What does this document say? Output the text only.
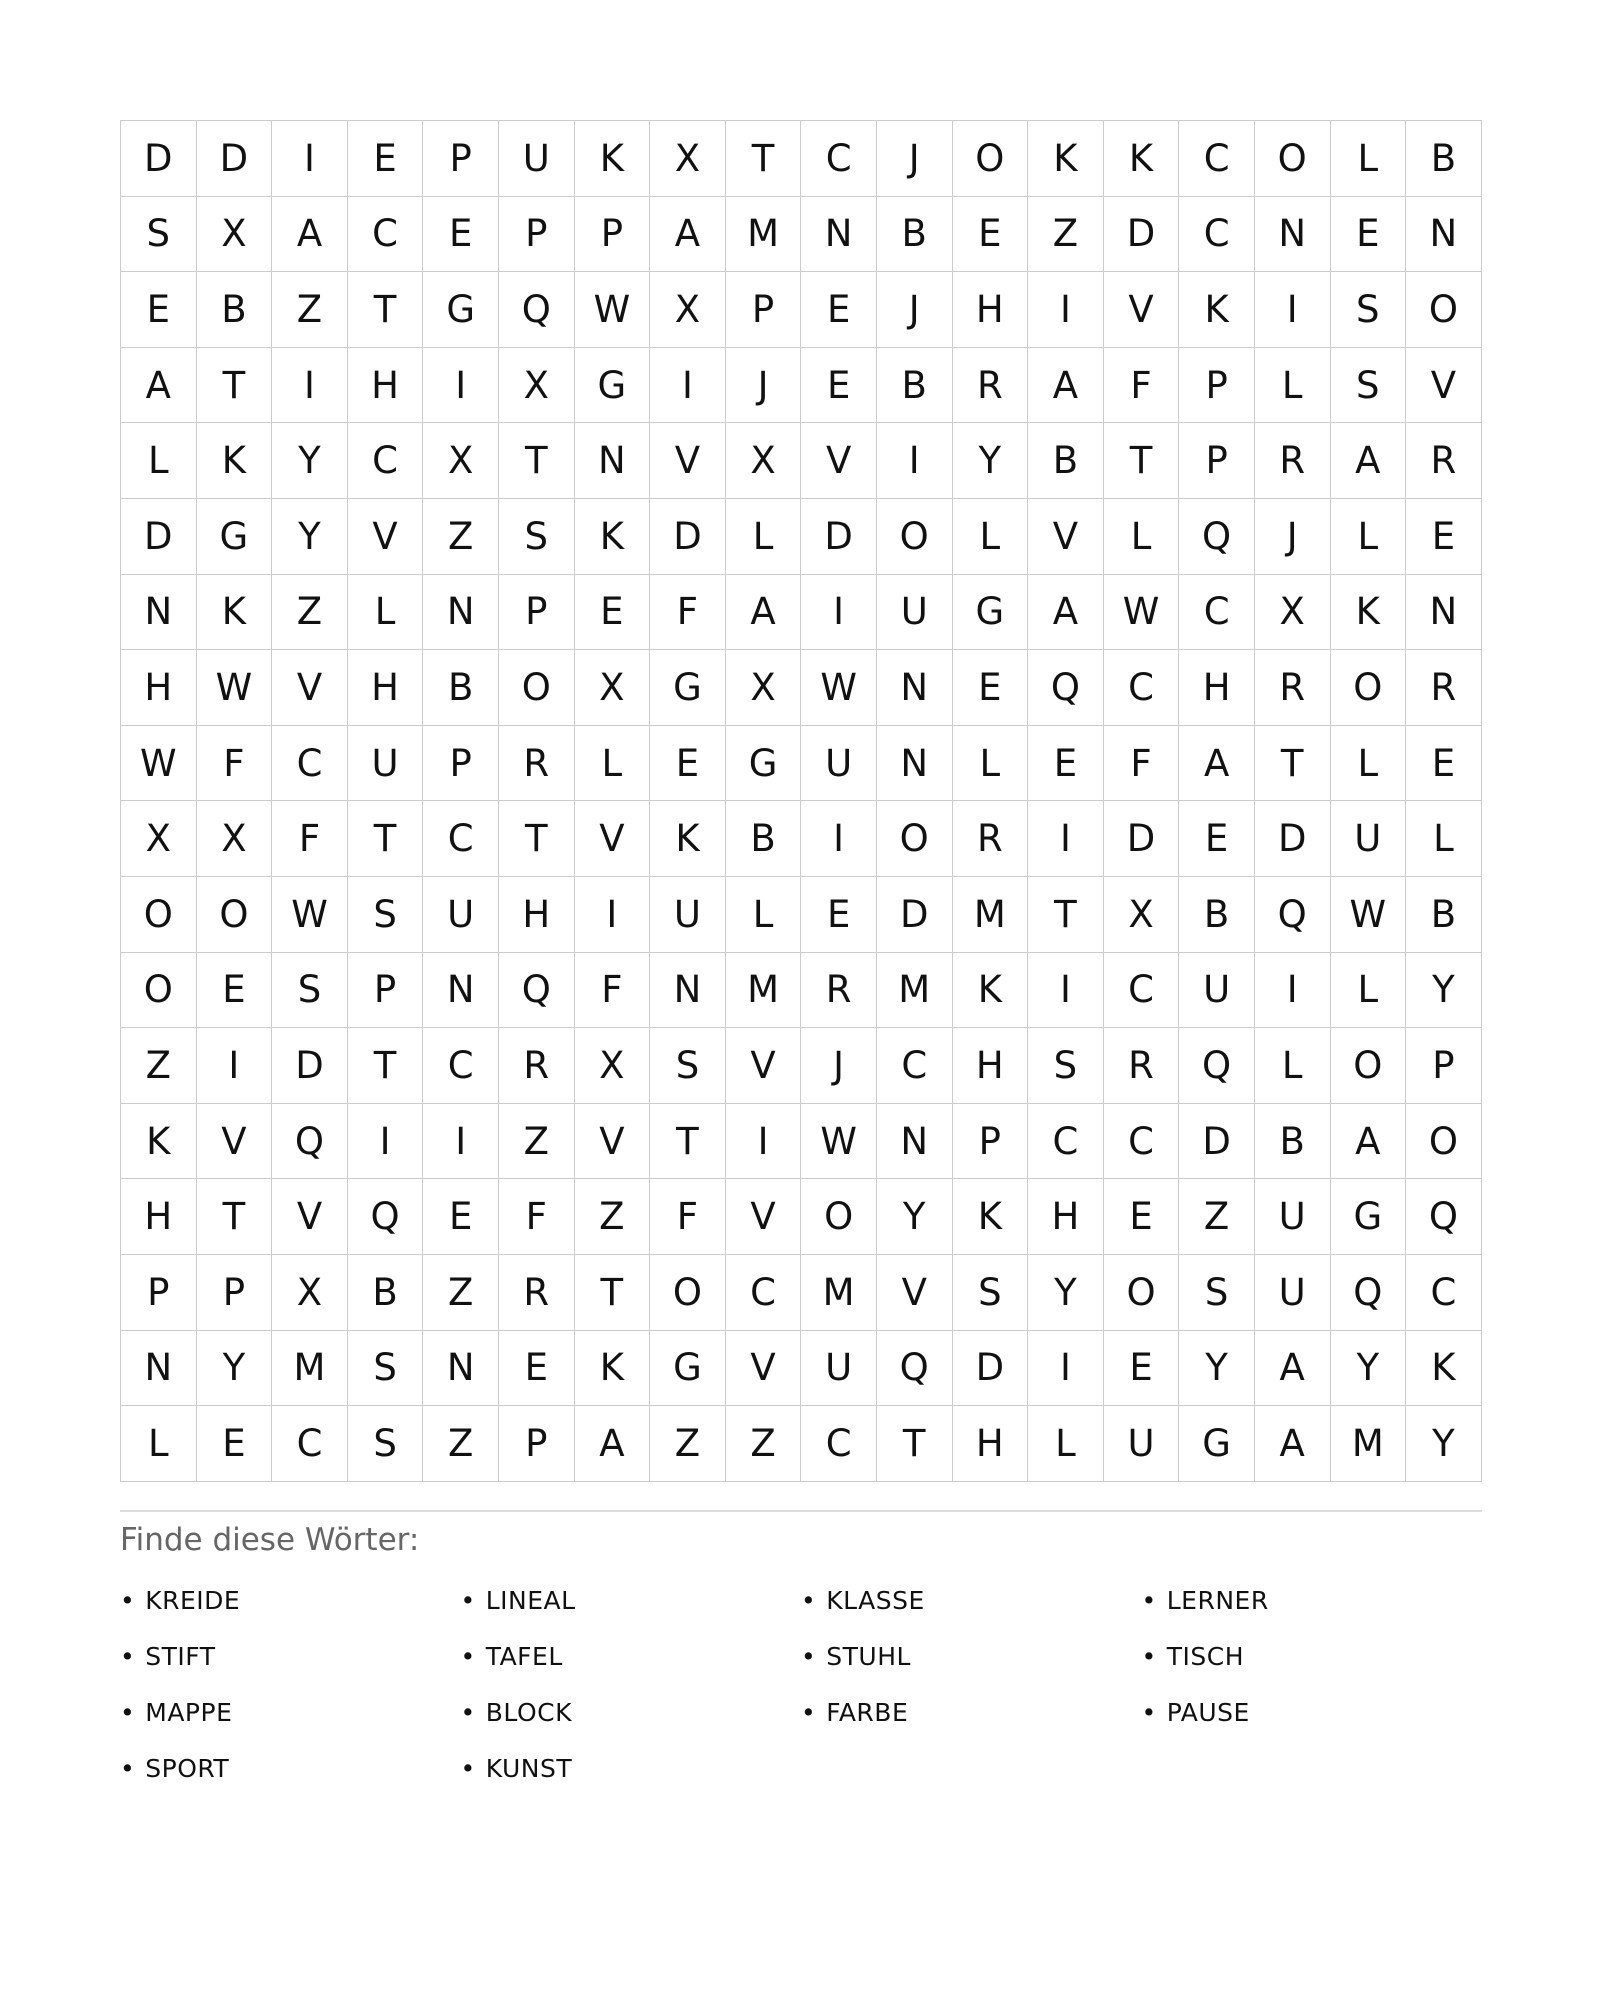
D	D	I	E	P	U	K	X	T	C	J	O	K	K	C	O	L	B
S	X	A	C	E	P	P	A	M	N	B	E	Z	D	C	N	E	N
E	B	Z	T	G	Q	W	X	P	E	J	H	I	V	K	I	S	O
A	T	I	H	I	X	G	I	J	E	B	R	A	F	P	L	S	V
L	K	Y	C	X	T	N	V	X	V	I	Y	B	T	P	R	A	R
D	G	Y	V	Z	S	K	D	L	D	O	L	V	L	Q	J	L	E
N	K	Z	L	N	P	E	F	A	I	U	G	A	W	C	X	K	N
H	W	V	H	B	O	X	G	X	W	N	E	Q	C	H	R	O	R
W	F	C	U	P	R	L	E	G	U	N	L	E	F	A	T	L	E
X	X	F	T	C	T	V	K	B	I	O	R	I	D	E	D	U	L
O	O	W	S	U	H	I	U	L	E	D	M	T	X	B	Q	W	B
O	E	S	P	N	Q	F	N	M	R	M	K	I	C	U	I	L	Y
Z	I	D	T	C	R	X	S	V	J	C	H	S	R	Q	L	O	P
K	V	Q	I	I	Z	V	T	I	W	N	P	C	C	D	B	A	O
H	T	V	Q	E	F	Z	F	V	O	Y	K	H	E	Z	U	G	Q
P	P	X	B	Z	R	T	O	C	M	V	S	Y	O	S	U	Q	C
N	Y	M	S	N	E	K	G	V	U	Q	D	I	E	Y	A	Y	K
L	E	C	S	Z	P	A	Z	Z	C	T	H	L	U	G	A	M	Y
Finde diese Wörter:
• KREIDE	• LINEAL	• KLASSE	• LERNER
• STIFT	• TAFEL	• STUHL	• TISCH
• MAPPE	• BLOCK	• FARBE	• PAUSE
• SPORT	• KUNST
